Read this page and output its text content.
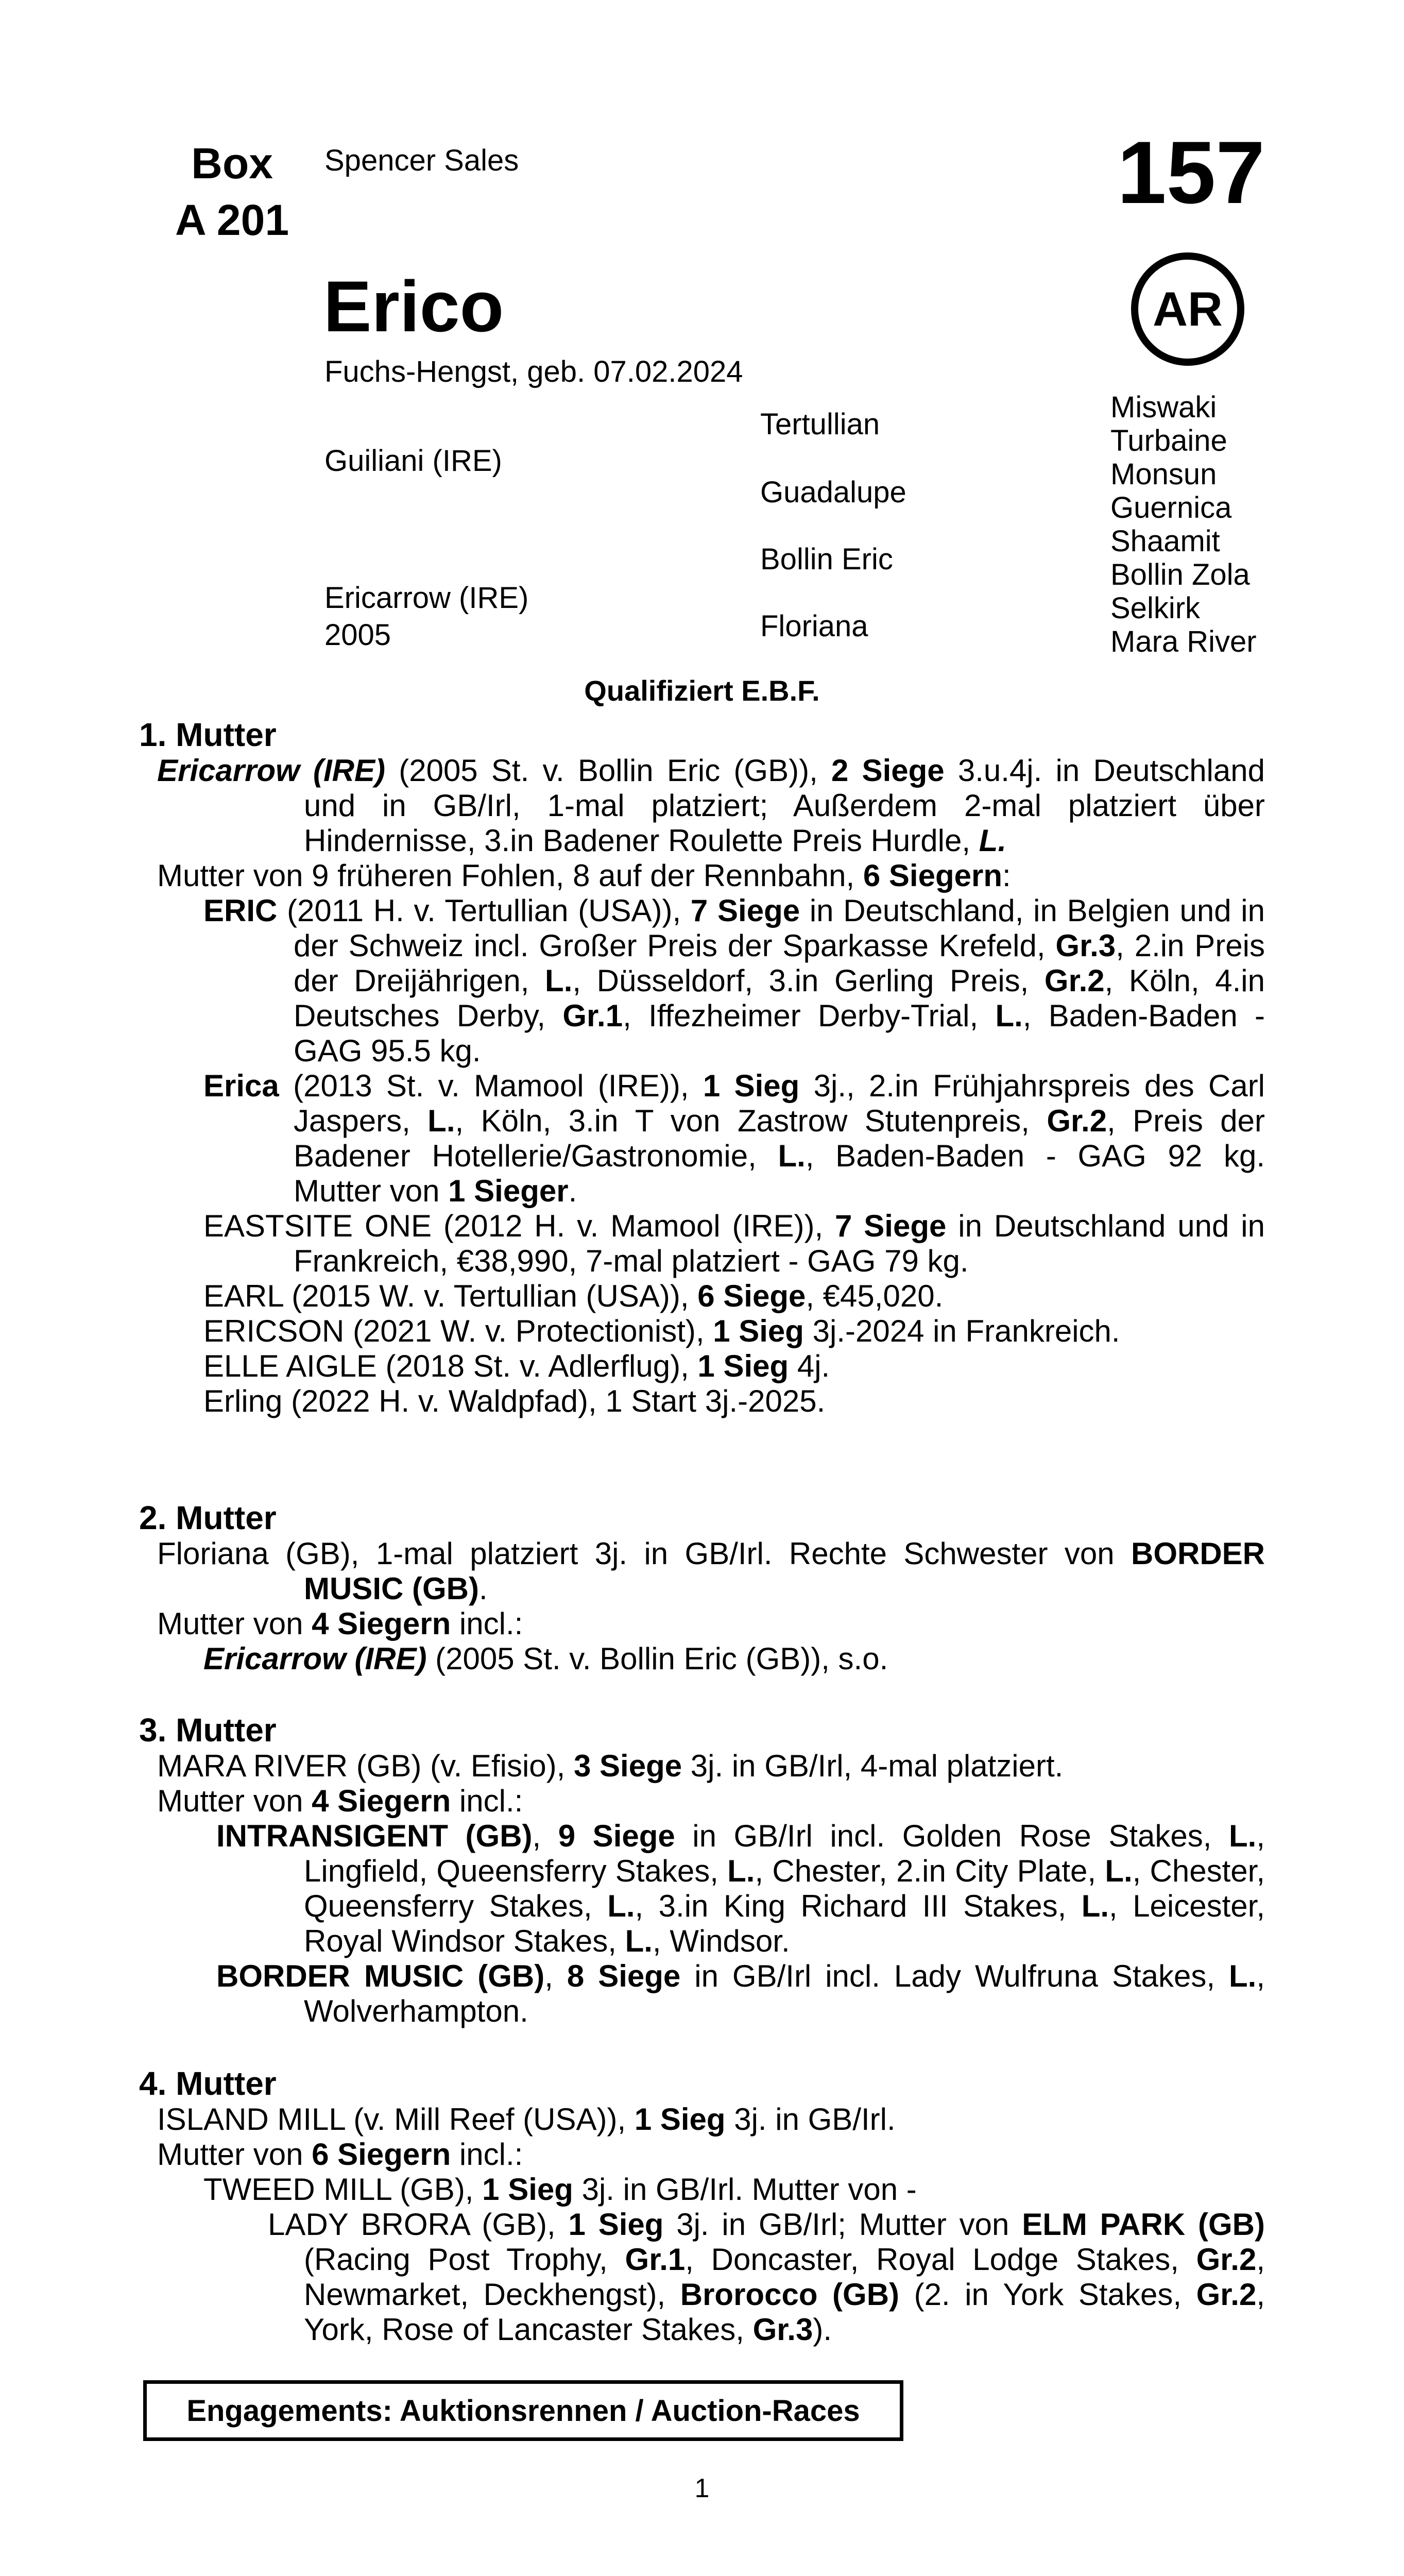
Box
A 201
Spencer Sales	157
Erico	AR
Fuchs-Hengst, geb. 07.02.2024
Guiliani (IRE)
Ericarrow (IRE)
2005
Tertullian
Guadalupe
Bollin Eric
Floriana
Miswaki
Turbaine
Monsun
Guernica
Shaamit
Bollin Zola
Selkirk
Mara River
Qualifiziert E.B.F.

1. Mutter

Ericarrow (IRE) (2005 St. v. Bollin Eric (GB)), 2 Siege 3.u.4j. in Deutschland und in GB/Irl, 1-mal platziert; Außerdem 2-mal platziert über Hindernisse, 3.in Badener Roulette Preis Hurdle, L.

Mutter von 9 früheren Fohlen, 8 auf der Rennbahn, 6 Siegern:

ERIC (2011 H. v. Tertullian (USA)), 7 Siege in Deutschland, in Belgien und in der Schweiz incl. Großer Preis der Sparkasse Krefeld, Gr.3, 2.in Preis der Dreijährigen, L., Düsseldorf, 3.in Gerling Preis, Gr.2, Köln, 4.in Deutsches Derby, Gr.1, Iffezheimer Derby-Trial, L., Baden-Baden - GAG 95.5 kg.

Erica (2013 St. v. Mamool (IRE)), 1 Sieg 3j., 2.in Frühjahrspreis des Carl Jaspers, L., Köln, 3.in T von Zastrow Stutenpreis, Gr.2, Preis der Badener Hotellerie/Gastronomie, L., Baden-Baden - GAG 92 kg. Mutter von 1 Sieger.

EASTSITE ONE (2012 H. v. Mamool (IRE)), 7 Siege in Deutschland und in Frankreich, €38,990, 7-mal platziert - GAG 79 kg.

EARL (2015 W. v. Tertullian (USA)), 6 Siege, €45,020.

ERICSON (2021 W. v. Protectionist), 1 Sieg 3j.-2024 in Frankreich.

ELLE AIGLE (2018 St. v. Adlerflug), 1 Sieg 4j.

Erling (2022 H. v. Waldpfad), 1 Start 3j.-2025.

2. Mutter

Floriana (GB), 1-mal platziert 3j. in GB/Irl. Rechte Schwester von BORDER MUSIC (GB).

Mutter von 4 Siegern incl.:

Ericarrow (IRE) (2005 St. v. Bollin Eric (GB)), s.o.

3. Mutter

MARA RIVER (GB) (v. Efisio), 3 Siege 3j. in GB/Irl, 4-mal platziert.

Mutter von 4 Siegern incl.:

INTRANSIGENT (GB), 9 Siege in GB/Irl incl. Golden Rose Stakes, L., Lingfield, Queensferry Stakes, L., Chester, 2.in City Plate, L., Chester, Queensferry Stakes, L., 3.in King Richard III Stakes, L., Leicester, Royal Windsor Stakes, L., Windsor.

BORDER MUSIC (GB), 8 Siege in GB/Irl incl. Lady Wulfruna Stakes, L., Wolverhampton.

4. Mutter

ISLAND MILL (v. Mill Reef (USA)), 1 Sieg 3j. in GB/Irl.

Mutter von 6 Siegern incl.:

TWEED MILL (GB), 1 Sieg 3j. in GB/Irl. Mutter von -

LADY BRORA (GB), 1 Sieg 3j. in GB/Irl; Mutter von ELM PARK (GB) (Racing Post Trophy, Gr.1, Doncaster, Royal Lodge Stakes, Gr.2, Newmarket, Deckhengst), Brorocco (GB) (2. in York Stakes, Gr.2, York, Rose of Lancaster Stakes, Gr.3).

Engagements: Auktionsrennen / Auction-Races
1
